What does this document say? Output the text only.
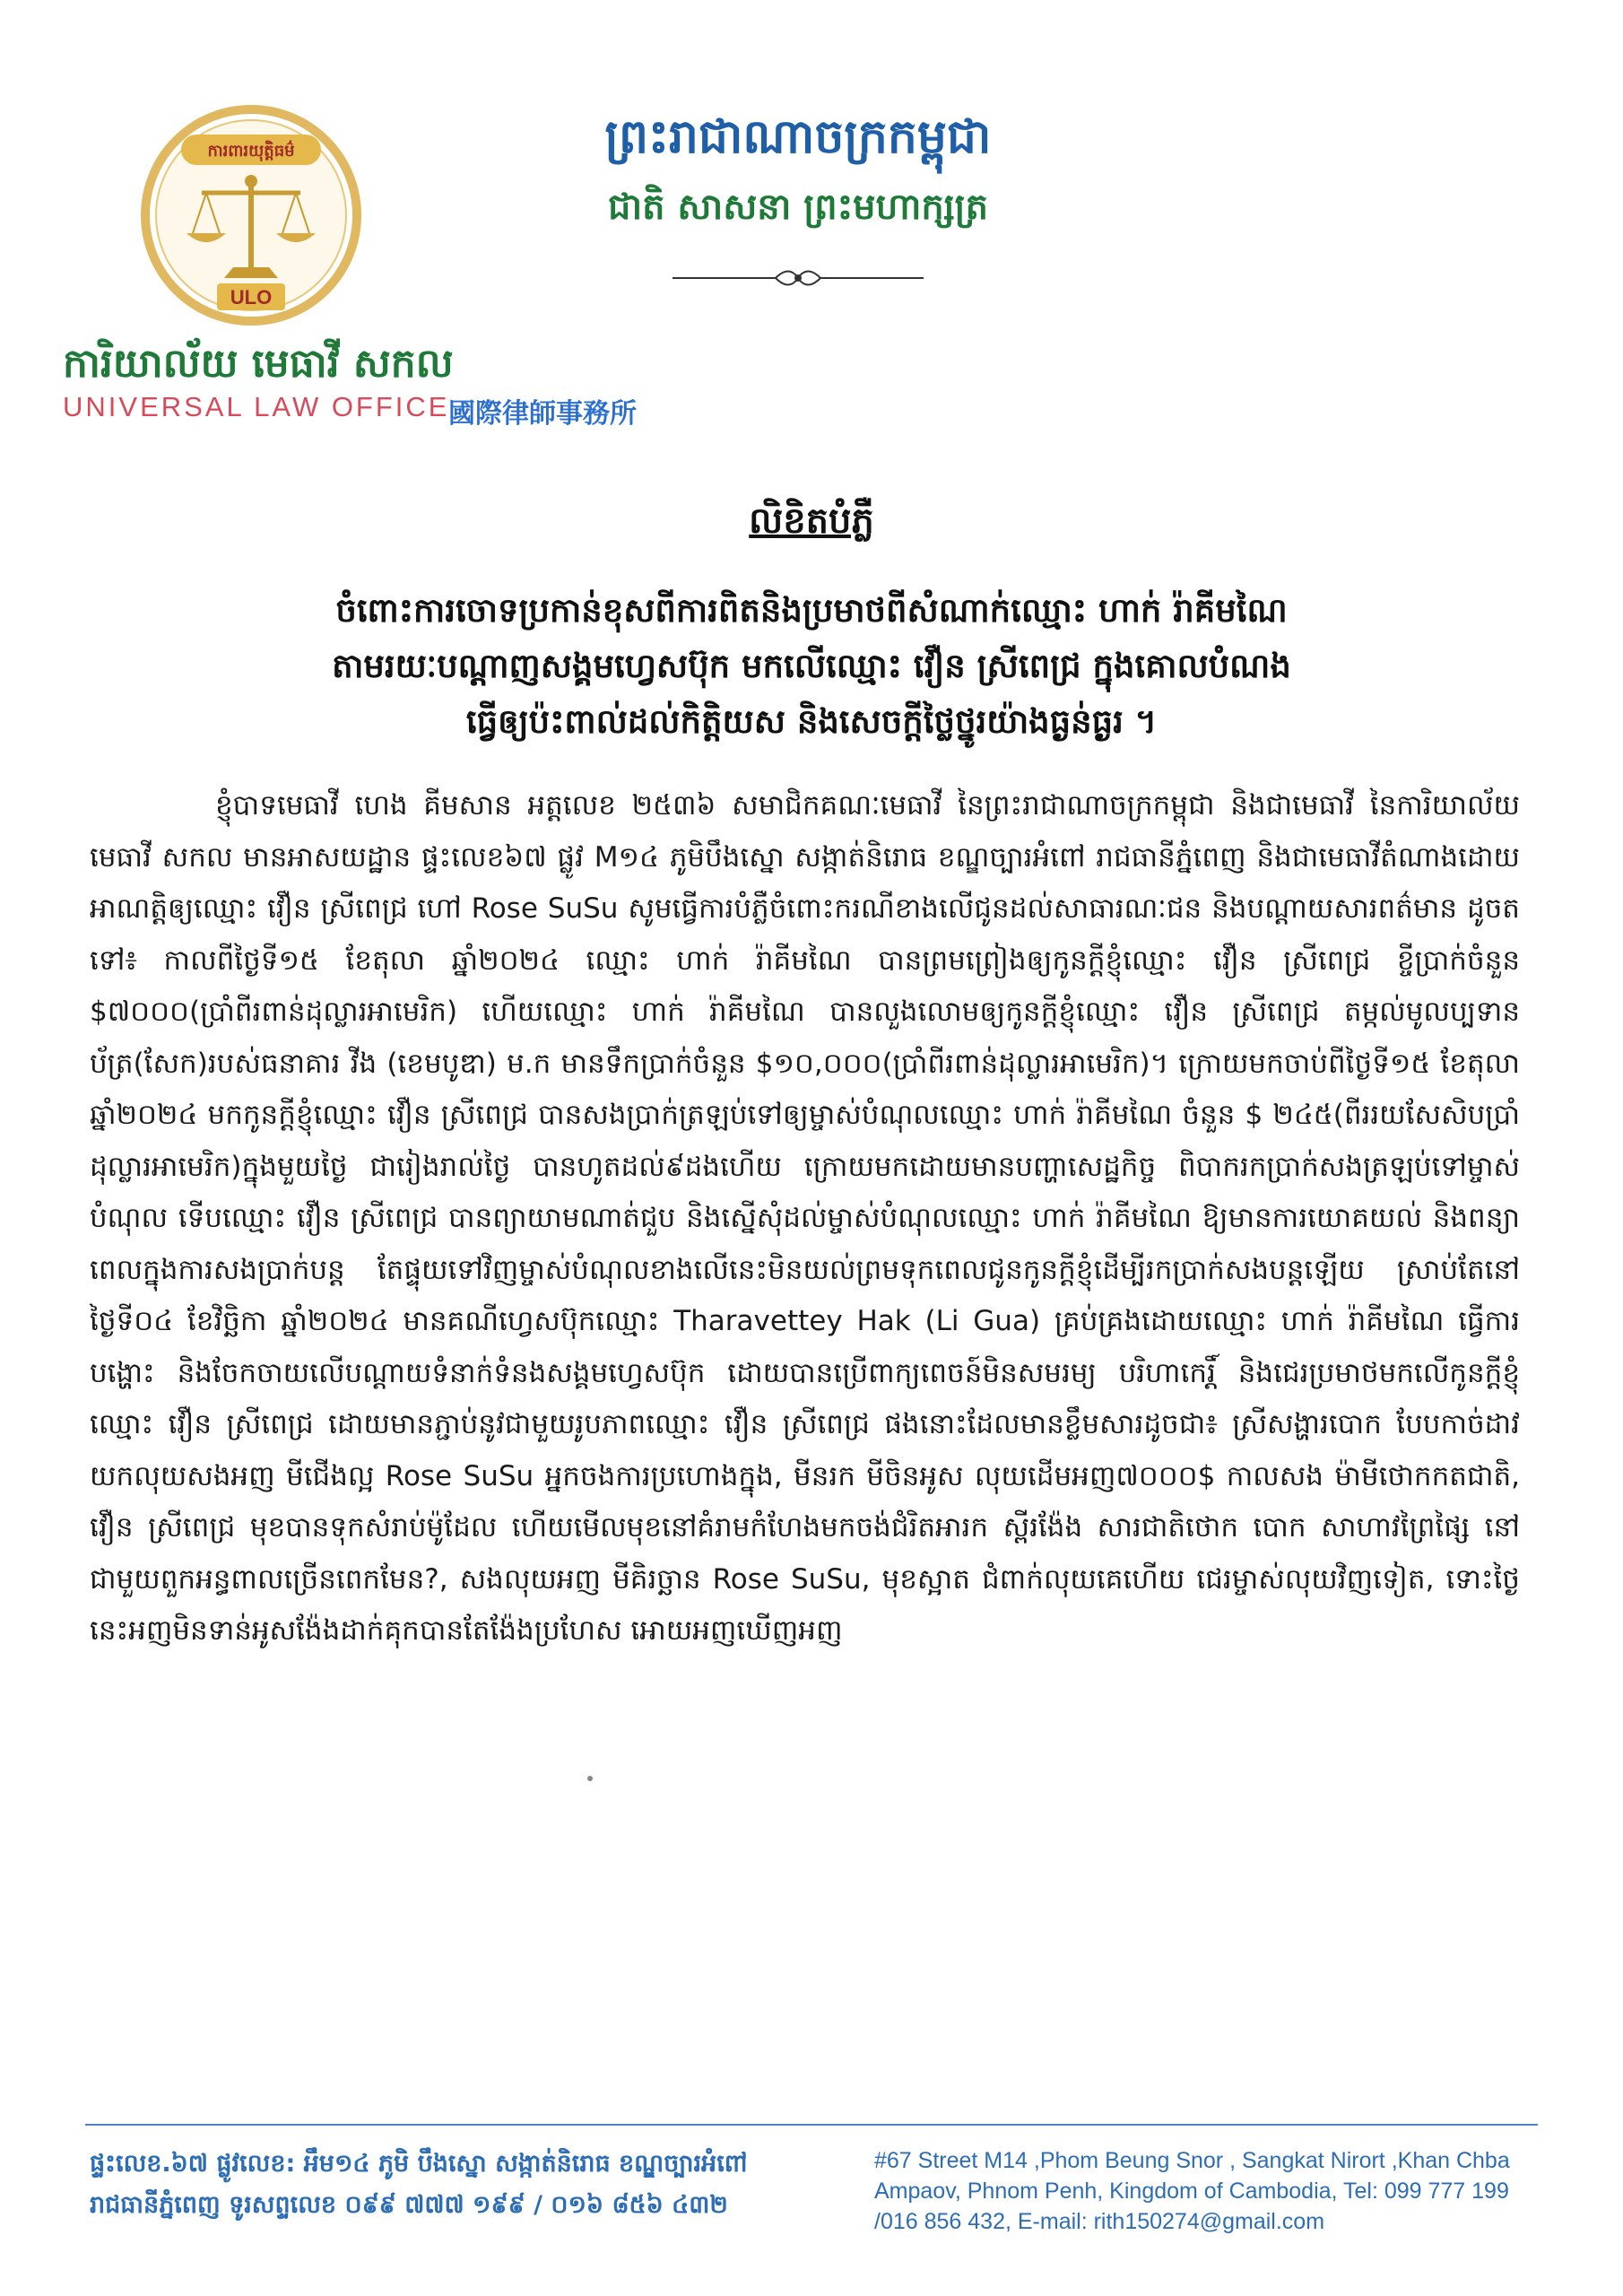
ការពារយុត្តិធម៌
ULO
ការិយាល័យ មេធាវី សកល
UNIVERSAL LAW OFFICE
國際律師事務所
ព្រះរាជាណាចក្រកម្ពុជា
ជាតិ សាសនា ព្រះមហាក្សត្រ
លិខិតបំភ្លឺ
ចំពោះការចោទប្រកាន់ខុសពីការពិតនិងប្រមាថពីសំណាក់ឈ្មោះ ហាក់ រ៉ាគីមណៃ
តាមរយៈបណ្ដាញសង្គមហ្វេសប៊ុក មកលើឈ្មោះ វឿន ស្រីពេជ្រ ក្នុងគោលបំណង
ធ្វើឲ្យប៉ះពាល់ដល់កិត្តិយស និងសេចក្ដីថ្លៃថ្នូរយ៉ាងធ្ងន់ធ្ងរ ។

ខ្ញុំបាទមេធាវី ហេង គីមសាន អត្តលេខ ២៥៣៦ សមាជិកគណៈមេធាវី នៃព្រះរាជាណាចក្រកម្ពុជា និងជាមេធាវី នៃការិយាល័យមេធាវី សកល មានអាសយដ្ឋាន ផ្ទះលេខ៦៧ ផ្លូវ M១៤ ភូមិបឹងស្នោ សង្កាត់និរោធ ខណ្ឌច្បារអំពៅ រាជធានីភ្នំពេញ និងជាមេធាវីតំណាងដោយអាណត្តិឲ្យឈ្មោះ វឿន ស្រីពេជ្រ ហៅ Rose SuSu សូមធ្វើការបំភ្លឺចំពោះករណីខាងលើជូនដល់សាធារណៈជន និងបណ្ដាយសារពត៌មាន ដូចតទៅ៖ កាលពីថ្ងៃទី១៥ ខែតុលា ឆ្នាំ២០២៤ ឈ្មោះ ហាក់ រ៉ាគីមណៃ បានព្រមព្រៀងឲ្យកូនក្តីខ្ញុំឈ្មោះ វឿន ស្រីពេជ្រ ខ្ចីប្រាក់ចំនួន $៧០០០(ប្រាំពីរពាន់ដុល្លារអាមេរិក) ហើយឈ្មោះ ហាក់ រ៉ាគីមណៃ បានលួងលោមឲ្យកូនក្តីខ្ញុំឈ្មោះ វឿន ស្រីពេជ្រ តម្កល់មូលប្បទានប័ត្រ(សែក)របស់ធនាគារ វីង (ខេមបូឌា) ម.ក មានទឹកប្រាក់ចំនួន $១០,០០០(ប្រាំពីរពាន់ដុល្លារអាមេរិក)។ ក្រោយមកចាប់ពីថ្ងៃទី១៥ ខែតុលា ឆ្នាំ២០២៤ មកកូនក្តីខ្ញុំឈ្មោះ វឿន ស្រីពេជ្រ បានសងប្រាក់ត្រឡប់ទៅឲ្យម្ចាស់បំណុលឈ្មោះ ហាក់ រ៉ាគីមណៃ ចំនួន $ ២៤៥(ពីររយសែសិបប្រាំ ដុល្លារអាមេរិក)ក្នុងមួយថ្ងៃ ជារៀងរាល់ថ្ងៃ បានហូតដល់៩ដងហើយ ក្រោយមកដោយមានបញ្ហាសេដ្ឋកិច្ច ពិបាករកប្រាក់សងត្រឡប់ទៅម្ចាស់បំណុល ទើបឈ្មោះ វឿន ស្រីពេជ្រ បានព្យាយាមណាត់ជួប និងស្នើសុំដល់ម្ចាស់បំណុលឈ្មោះ ហាក់ រ៉ាគីមណៃ ឱ្យមានការយោគយល់ និងពន្យាពេលក្នុងការសងប្រាក់បន្ត តែផ្ទុយទៅវិញម្ចាស់បំណុលខាងលើនេះមិនយល់ព្រមទុកពេលជូនកូនក្តីខ្ញុំដើម្បីរកប្រាក់សងបន្តឡើយ ស្រាប់តែនៅថ្ងៃទី០៤ ខែវិច្ឆិកា ឆ្នាំ២០២៤ មានគណីហ្វេសប៊ុកឈ្មោះ Tharavettey Hak (Li Gua) គ្រប់គ្រងដោយឈ្មោះ ហាក់ រ៉ាគីមណៃ ធ្វើការបង្ហោះ និងចែកចាយលើបណ្ដាយទំនាក់ទំនងសង្គមហ្វេសប៊ុក ដោយបានប្រើពាក្យពេចន៍មិនសមរម្យ បរិហាកេរ្តិ៍ និងជេរប្រមាថមកលើកូនក្តីខ្ញុំឈ្មោះ វឿន ស្រីពេជ្រ ដោយមានភ្ជាប់នូវជាមួយរូបភាពឈ្មោះ វឿន ស្រីពេជ្រ ផងនោះដែលមានខ្លឹមសារដូចជា៖ ស្រីសង្ហារបោក បែបកាច់ដាវ យកលុយសងអញ មីជើងល្អ Rose SuSu អ្នកចងការប្រហោងក្នុង, មីនរក មីចិនអូស លុយដើមអញ៧០០០$ កាលសង ម៉ាមីថោកកតជាតិ, វឿន ស្រីពេជ្រ មុខបានទុកសំរាប់ម៉ូដែល ហើយមើលមុខនៅគំរាមកំហែងមកចង់ជំរិតអារក ស្ពីរង៉ែង សារជាតិថោក បោក សាហាវព្រៃផ្សៃ នៅជាមួយពួកអន្ធពាលច្រើនពេកមែន?, សងលុយអញ មីគិរច្ឆាន Rose SuSu, មុខស្អាត ជំពាក់លុយគេហើយ ជេរម្ចាស់លុយវិញទៀត, ទោះថ្ងៃនេះអញមិនទាន់អូសង៉ែងដាក់គុកបានតែង៉ែងប្រហែស អោយអញឃើញអញ

ផ្ទះលេខ.៦៧ ផ្លូវលេខ: អឹម១៤ ភូមិ បឹងស្នោ សង្កាត់និរោធ ខណ្ឌច្បារអំពៅ
រាជធានីភ្នំពេញ ទូរសព្ទលេខ ០៩៩ ៧៧៧ ១៩៩ / ០១៦ ៨៥៦ ៤៣២
#67 Street M14 ,Phom Beung Snor , Sangkat Nirort ,Khan Chba
Ampaov, Phnom Penh, Kingdom of Cambodia, Tel: 099 777 199
/016 856 432, E-mail: rith150274@gmail.com
